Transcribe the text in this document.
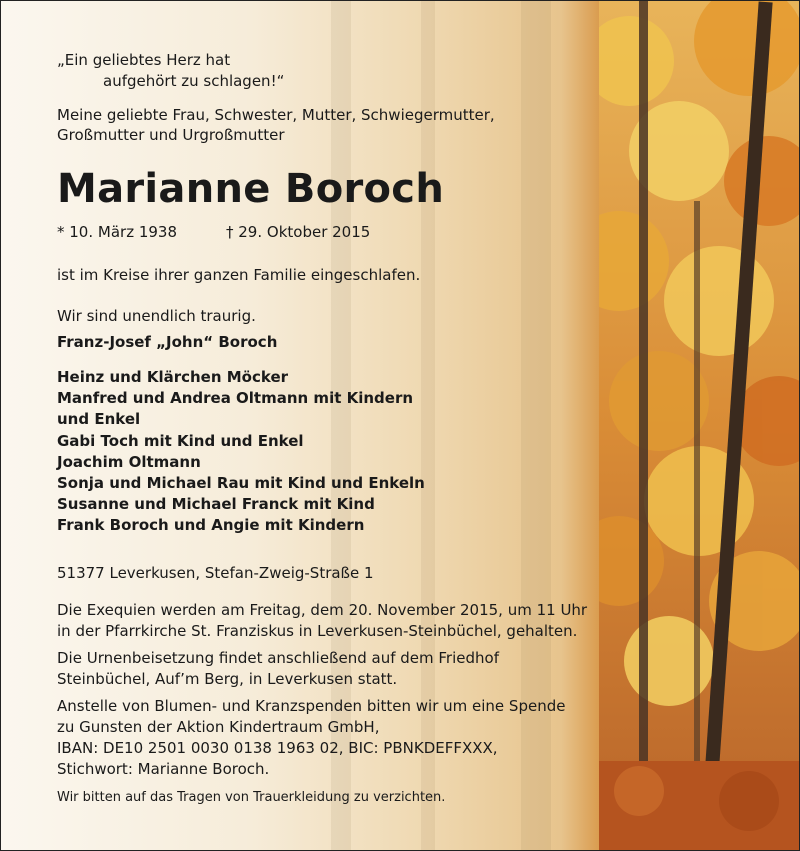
„Ein geliebtes Herz hat
aufgehört zu schlagen!“
Meine geliebte Frau, Schwester, Mutter, Schwiegermutter,
Großmutter und Urgroßmutter
Marianne Boroch
* 10. März 1938	† 29. Oktober 2015
ist im Kreise ihrer ganzen Familie eingeschlafen.
Wir sind unendlich traurig.
Franz-Josef „John“ Boroch
Heinz und Klärchen Möcker
Manfred und Andrea Oltmann mit Kindern
und Enkel
Gabi Toch mit Kind und Enkel
Joachim Oltmann
Sonja und Michael Rau mit Kind und Enkeln
Susanne und Michael Franck mit Kind
Frank Boroch und Angie mit Kindern
51377 Leverkusen, Stefan-Zweig-Straße 1
Die Exequien werden am Freitag, dem 20. November 2015, um 11 Uhr
in der Pfarrkirche St. Franziskus in Leverkusen-Steinbüchel, gehalten.
Die Urnenbeisetzung findet anschließend auf dem Friedhof
Steinbüchel, Auf’m Berg, in Leverkusen statt.
Anstelle von Blumen- und Kranzspenden bitten wir um eine Spende
zu Gunsten der Aktion Kindertraum GmbH,
IBAN: DE10 2501 0030 0138 1963 02, BIC: PBNKDEFFXXX,
Stichwort: Marianne Boroch.
Wir bitten auf das Tragen von Trauerkleidung zu verzichten.
